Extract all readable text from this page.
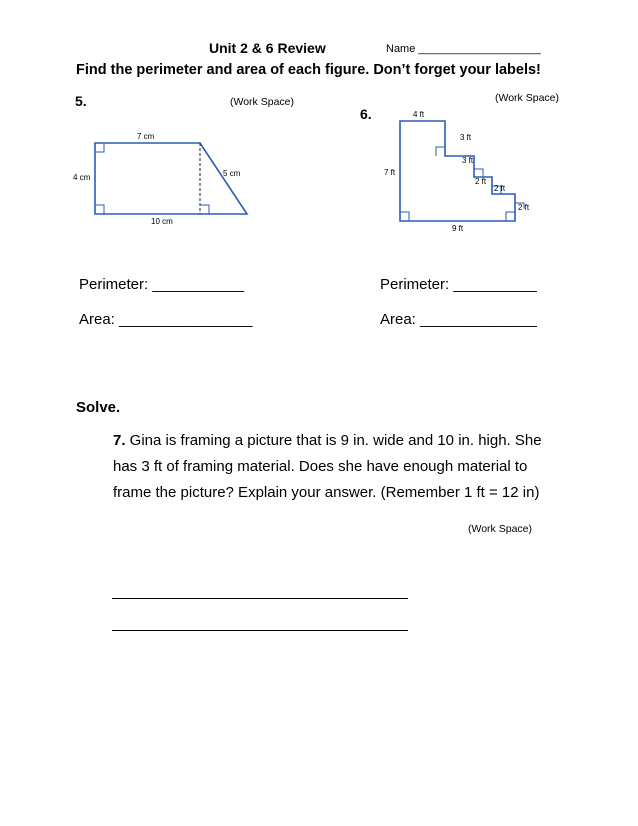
Unit 2 & 6 Review	Name ____________________
Find the perimeter and area of each figure. Don’t forget your labels!
5.	(Work Space)
7 cm
4 cm	5 cm
10 cm
Perimeter: ___________
Area: ________________
6.
(Work Space)
4 ft
3 ft
3 ft
2 ft
2 ft
2 ft
7 ft
9 ft
Perimeter: __________
Area: ______________
Solve.
7. Gina is framing a picture that is 9 in. wide and 10 in. high. She
has 3 ft of framing material. Does she have enough material to
frame the picture? Explain your answer. (Remember 1 ft = 12 in)
(Work Space)
